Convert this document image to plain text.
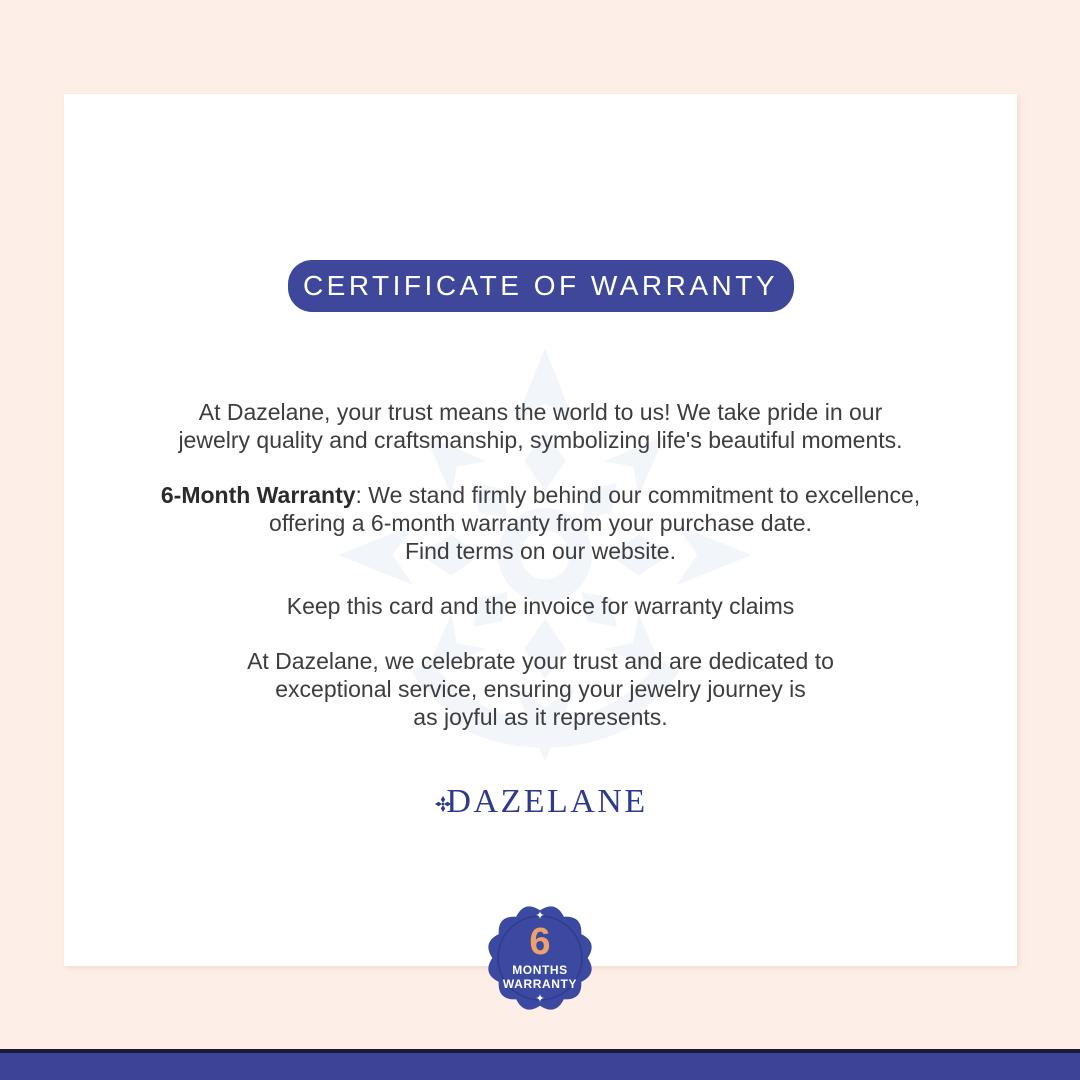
CERTIFICATE OF WARRANTY
At Dazelane, your trust means the world to us! We take pride in our
jewelry quality and craftsmanship, symbolizing life's beautiful moments.
6-Month Warranty: We stand firmly behind our commitment to excellence,
offering a 6-month warranty from your purchase date.
Find terms on our website.
Keep this card and the invoice for warranty claims
At Dazelane, we celebrate your trust and are dedicated to
exceptional service, ensuring your jewelry journey is
as joyful as it represents.
DAZELANE
✦
6
MONTHS
WARRANTY
✦
